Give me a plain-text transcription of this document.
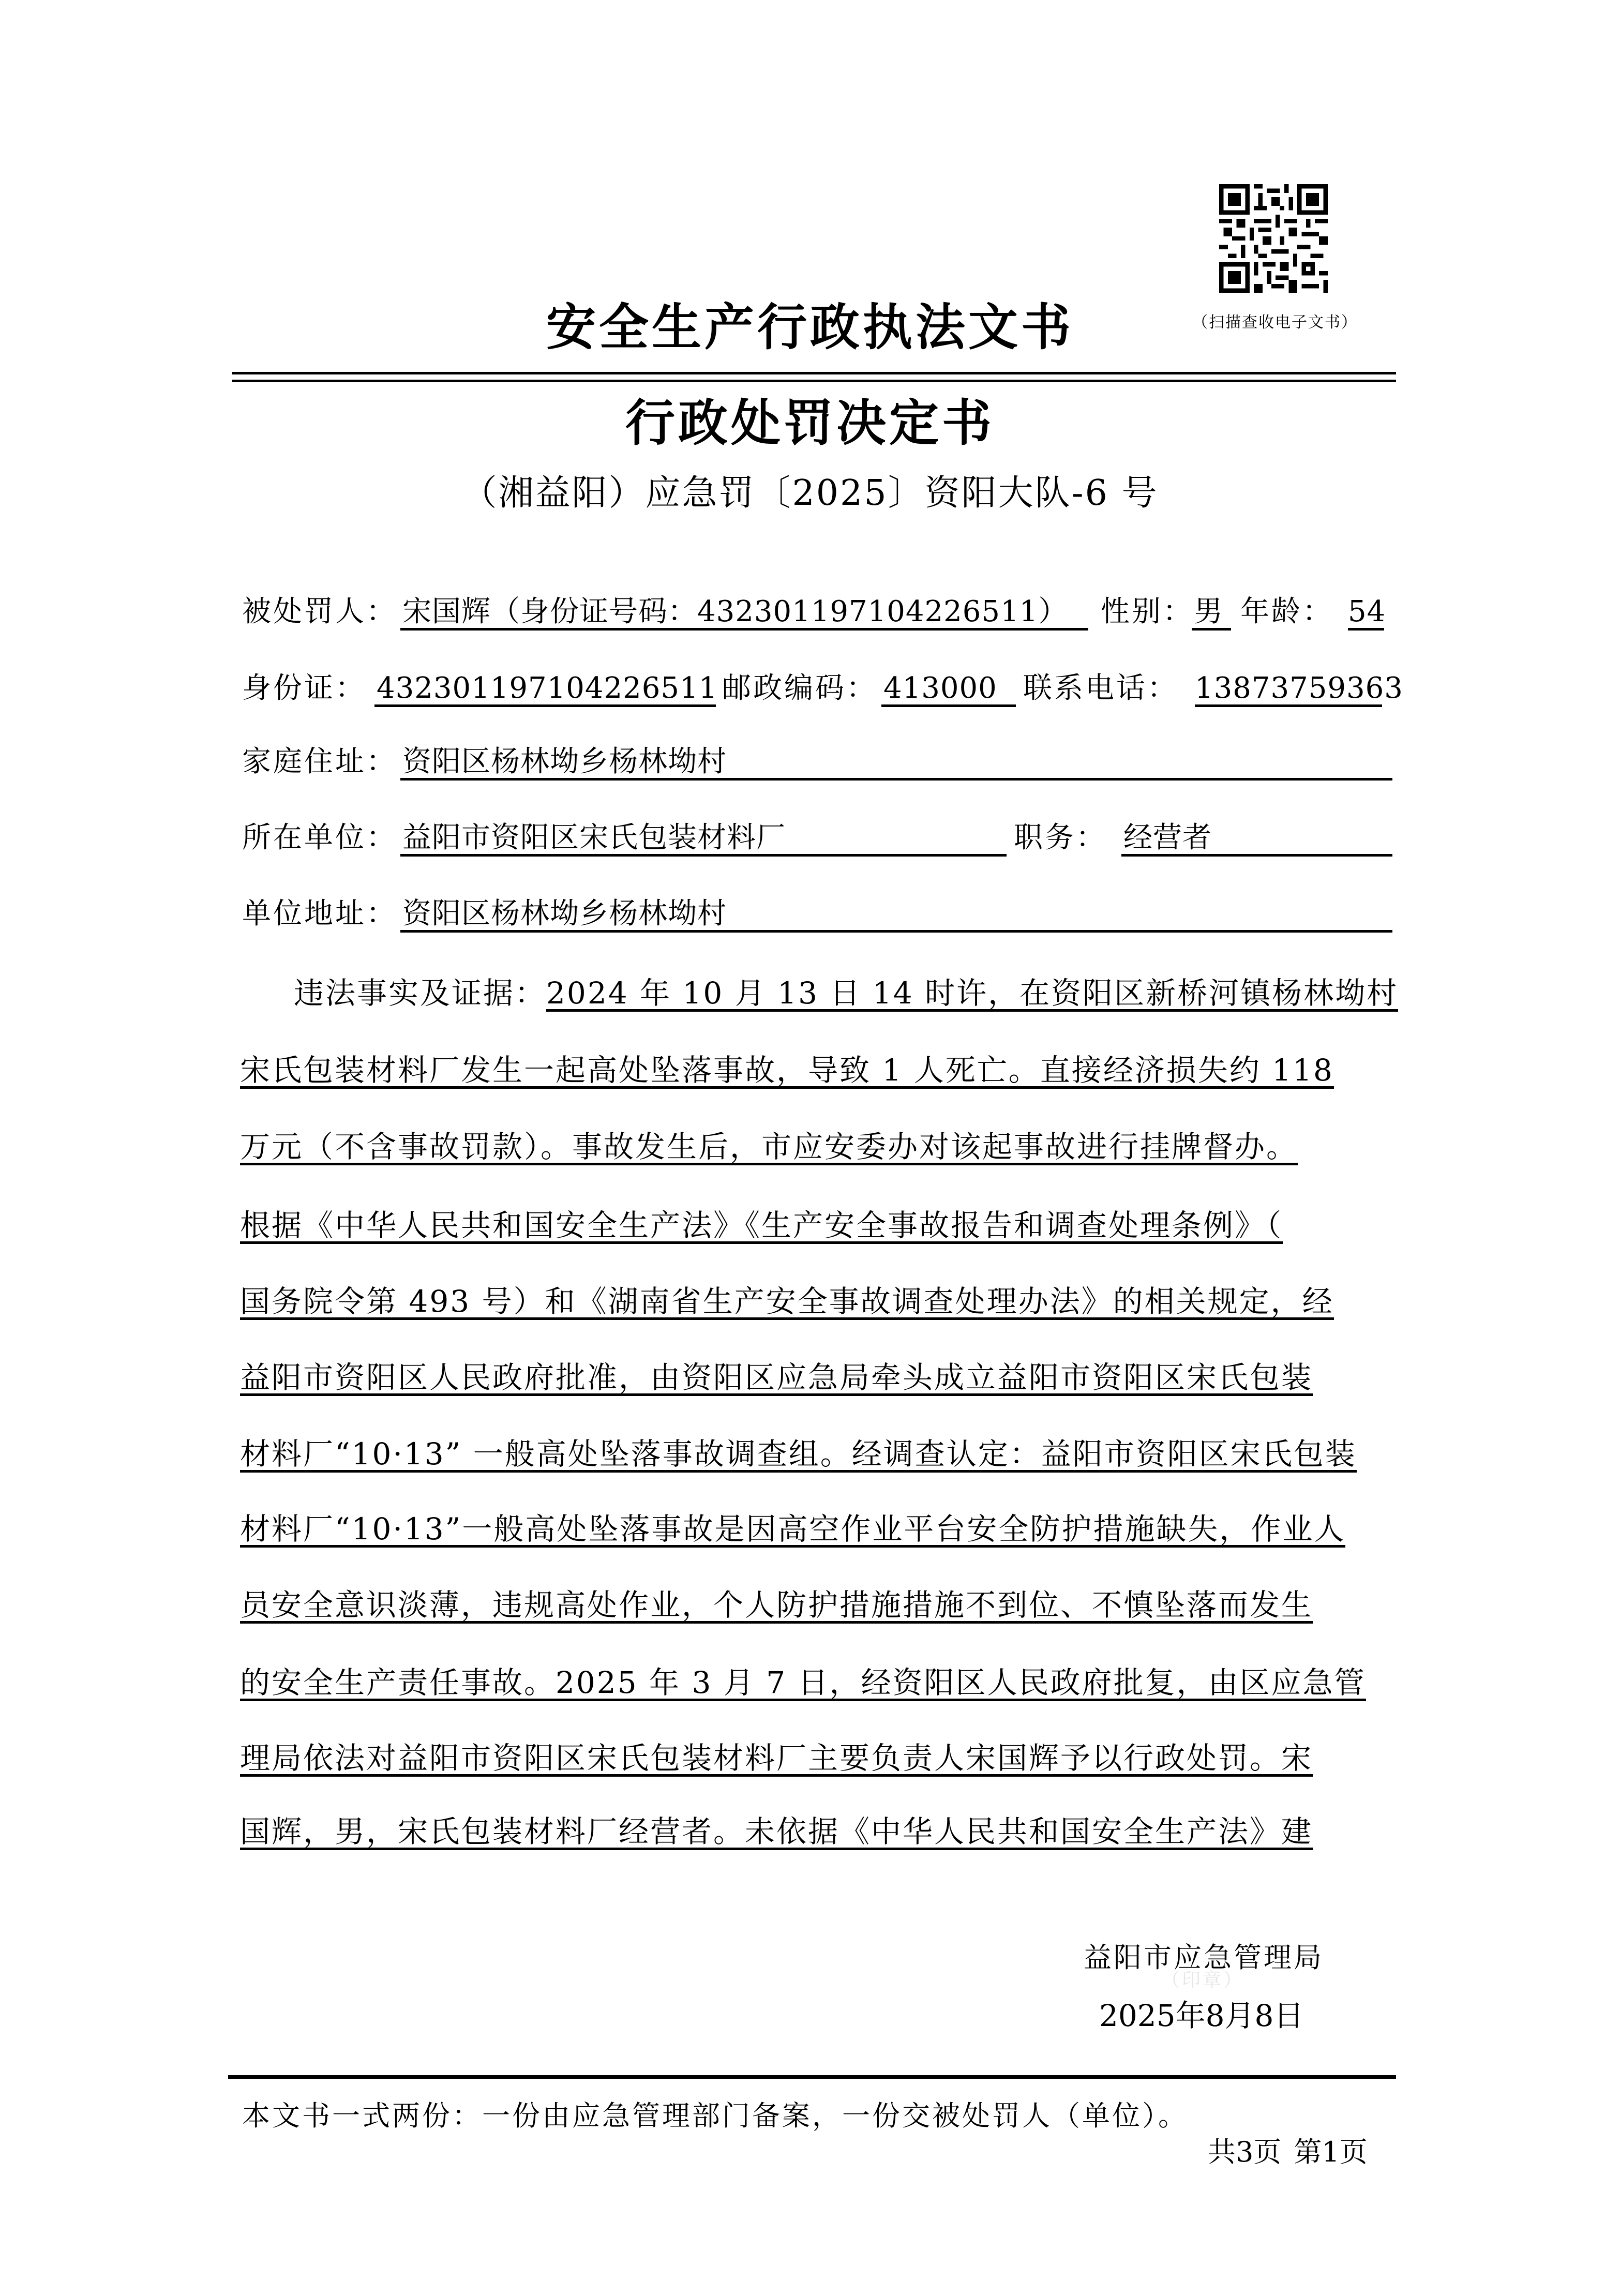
（扫描查收电子文书）
安全生产行政执法文书
行政处罚决定书
（湘益阳）应急罚〔2025〕资阳大队-6 号
被处罚人： 宋国辉（身份证号码：432301197104226511）	性别： 男 年龄： 54
身份证： 432301197104226511 邮政编码： 413000 联系电话： 13873759363
家庭住址： 资阳区杨林坳乡杨林坳村
所在单位： 益阳市资阳区宋氏包装材料厂	职务： 经营者
单位地址： 资阳区杨林坳乡杨林坳村
违法事实及证据：2024 年 10 月 13 日 14 时许，在资阳区新桥河镇杨林坳村
宋氏包装材料厂发生一起高处坠落事故，导致 1 人死亡。直接经济损失约 118
万元（不含事故罚款）。事故发生后，市应安委办对该起事故进行挂牌督办。
根据《中华人民共和国安全生产法》《生产安全事故报告和调查处理条例》（
国务院令第 493 号）和《湖南省生产安全事故调查处理办法》的相关规定，经
益阳市资阳区人民政府批准，由资阳区应急局牵头成立益阳市资阳区宋氏包装
材料厂“10·13” 一般高处坠落事故调查组。经调查认定：益阳市资阳区宋氏包装
材料厂“10·13”一般高处坠落事故是因高空作业平台安全防护措施缺失，作业人
员安全意识淡薄，违规高处作业，个人防护措施措施不到位、不慎坠落而发生
的安全生产责任事故。2025 年 3 月 7 日，经资阳区人民政府批复，由区应急管
理局依法对益阳市资阳区宋氏包装材料厂主要负责人宋国辉予以行政处罚。宋
国辉，男，宋氏包装材料厂经营者。未依据《中华人民共和国安全生产法》建
益阳市应急管理局
（印章）
2025年8月8日
本文书一式两份：一份由应急管理部门备案，一份交被处罚人（单位）。
共3页 第1页
